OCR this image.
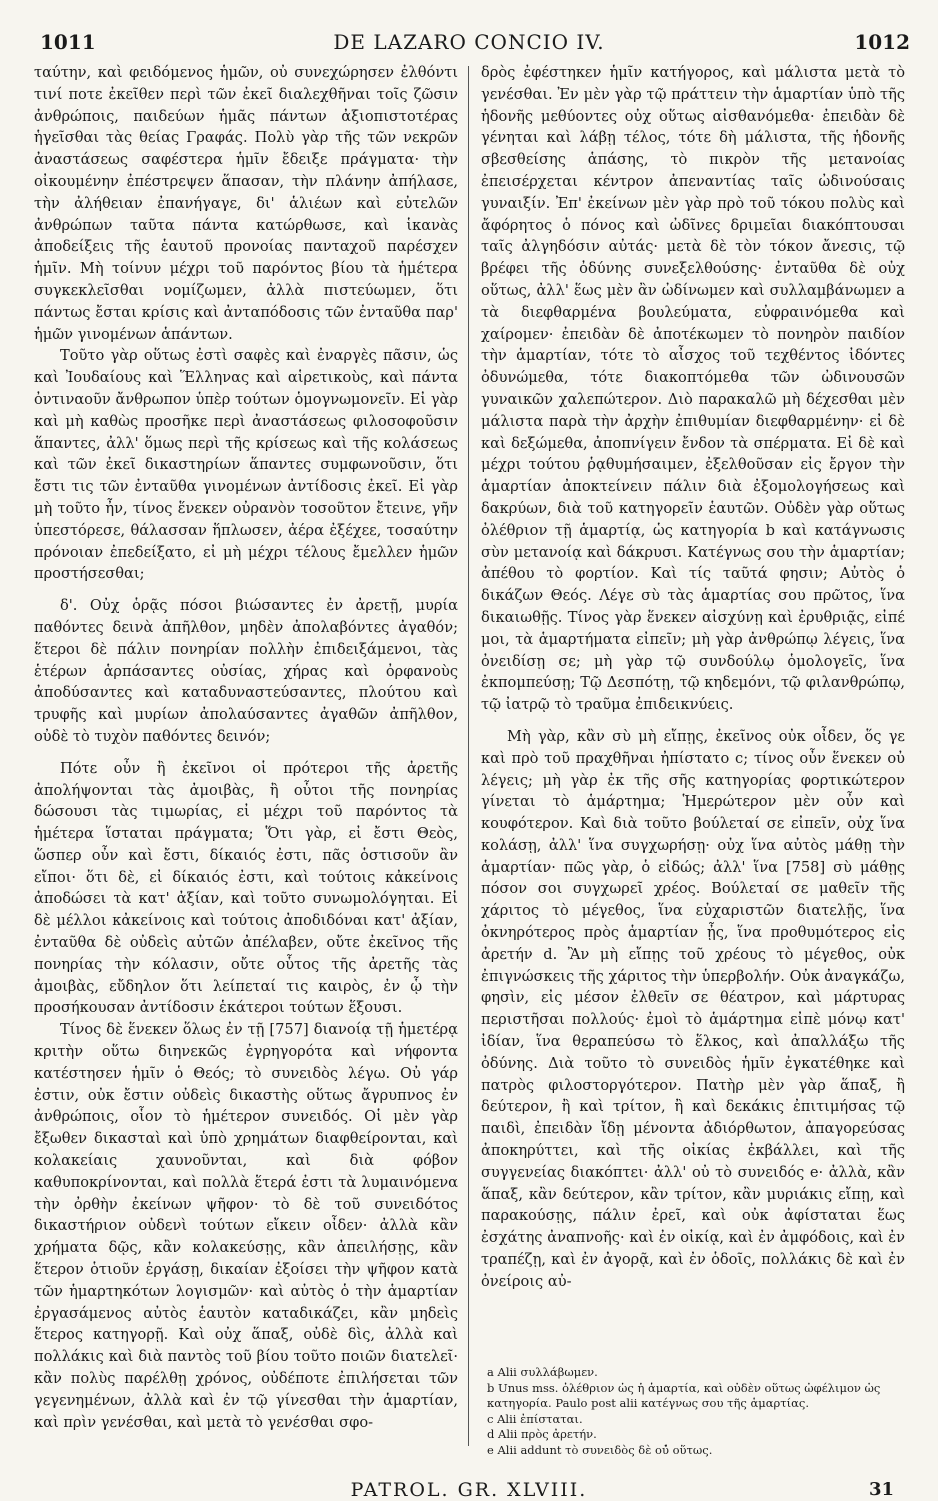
1011	DE LAZARO CONCIO IV.	1012

ταύτην, καὶ φειδόμενος ἡμῶν, οὐ συνεχώρησεν ἐλθόντι τινί ποτε ἐκεῖθεν περὶ τῶν ἐκεῖ διαλεχθῆναι τοῖς ζῶσιν ἀνθρώποις, παιδεύων ἡμᾶς πάντων ἀξιοπιστοτέρας ἡγεῖσθαι τὰς θείας Γραφάς. Πολὺ γὰρ τῆς τῶν νεκρῶν ἀναστάσεως σαφέστερα ἡμῖν ἔδειξε πράγματα· τὴν οἰκουμένην ἐπέστρεψεν ἅπασαν, τὴν πλάνην ἀπήλασε, τὴν ἀλήθειαν ἐπανήγαγε, δι' ἁλιέων καὶ εὐτελῶν ἀνθρώπων ταῦτα πάντα κατώρθωσε, καὶ ἱκανὰς ἀποδείξεις τῆς ἑαυτοῦ προνοίας πανταχοῦ παρέσχεν ἡμῖν. Μὴ τοίνυν μέχρι τοῦ παρόντος βίου τὰ ἡμέτερα συγκεκλεῖσθαι νομίζωμεν, ἀλλὰ πιστεύωμεν, ὅτι πάντως ἔσται κρίσις καὶ ἀνταπόδοσις τῶν ἐνταῦθα παρ' ἡμῶν γινομένων ἁπάντων.

Τοῦτο γὰρ οὕτως ἐστὶ σαφὲς καὶ ἐναργὲς πᾶσιν, ὡς καὶ Ἰουδαίους καὶ Ἕλληνας καὶ αἱρετικοὺς, καὶ πάντα ὀντιναοῦν ἄνθρωπον ὑπὲρ τούτων ὁμογνωμονεῖν. Εἰ γὰρ καὶ μὴ καθὼς προσῆκε περὶ ἀναστάσεως φιλοσοφοῦσιν ἅπαντες, ἀλλ' ὅμως περὶ τῆς κρίσεως καὶ τῆς κολάσεως καὶ τῶν ἐκεῖ δικαστηρίων ἅπαντες συμφωνοῦσιν, ὅτι ἔστι τις τῶν ἐνταῦθα γινομένων ἀντίδοσις ἐκεῖ. Εἰ γὰρ μὴ τοῦτο ἦν, τίνος ἕνεκεν οὐρανὸν τοσοῦτον ἔτεινε, γῆν ὑπεστόρεσε, θάλασσαν ἥπλωσεν, ἀέρα ἐξέχεε, τοσαύτην πρόνοιαν ἐπεδείξατο, εἰ μὴ μέχρι τέλους ἔμελλεν ἡμῶν προστήσεσθαι;

δ'. Οὐχ ὁρᾷς πόσοι βιώσαντες ἐν ἀρετῇ, μυρία παθόντες δεινὰ ἀπῆλθον, μηδὲν ἀπολαβόντες ἀγαθόν; ἕτεροι δὲ πάλιν πονηρίαν πολλὴν ἐπιδειξάμενοι, τὰς ἑτέρων ἁρπάσαντες οὐσίας, χήρας καὶ ὀρφανοὺς ἀποδύσαντες καὶ καταδυναστεύσαντες, πλούτου καὶ τρυφῆς καὶ μυρίων ἀπολαύσαντες ἀγαθῶν ἀπῆλθον, οὐδὲ τὸ τυχὸν παθόντες δεινόν;

Πότε οὖν ἢ ἐκεῖνοι οἱ πρότεροι τῆς ἀρετῆς ἀπολήψονται τὰς ἀμοιβὰς, ἢ οὗτοι τῆς πονηρίας δώσουσι τὰς τιμωρίας, εἰ μέχρι τοῦ παρόντος τὰ ἡμέτερα ἵσταται πράγματα; Ὅτι γὰρ, εἰ ἔστι Θεὸς, ὥσπερ οὖν καὶ ἔστι, δίκαιός ἐστι, πᾶς ὁστισοῦν ἂν εἴποι· ὅτι δὲ, εἰ δίκαιός ἐστι, καὶ τούτοις κἀκείνοις ἀποδώσει τὰ κατ' ἀξίαν, καὶ τοῦτο συνωμολόγηται. Εἰ δὲ μέλλοι κἀκείνοις καὶ τούτοις ἀποδιδόναι κατ' ἀξίαν, ἐνταῦθα δὲ οὐδεὶς αὐτῶν ἀπέλαβεν, οὔτε ἐκεῖνος τῆς πονηρίας τὴν κόλασιν, οὔτε οὗτος τῆς ἀρετῆς τὰς ἀμοιβὰς, εὔδηλον ὅτι λείπεταί τις καιρὸς, ἐν ᾧ τὴν προσήκουσαν ἀντίδοσιν ἑκάτεροι τούτων ἕξουσι.

Τίνος δὲ ἕνεκεν ὅλως ἐν τῇ [757] διανοίᾳ τῇ ἡμετέρᾳ κριτὴν οὕτω διηνεκῶς ἐγρηγορότα καὶ νήφοντα κατέστησεν ἡμῖν ὁ Θεός; τὸ συνειδὸς λέγω. Οὐ γάρ ἐστιν, οὐκ ἔστιν οὐδεὶς δικαστὴς οὕτως ἄγρυπνος ἐν ἀνθρώποις, οἷον τὸ ἡμέτερον συνειδός. Οἱ μὲν γὰρ ἔξωθεν δικασταὶ καὶ ὑπὸ χρημάτων διαφθείρονται, καὶ κολακείαις χαυνοῦνται, καὶ διὰ φόβον καθυποκρίνονται, καὶ πολλὰ ἕτερά ἐστι τὰ λυμαινόμενα τὴν ὀρθὴν ἐκείνων ψῆφον· τὸ δὲ τοῦ συνειδότος δικαστήριον οὐδενὶ τούτων εἴκειν οἶδεν· ἀλλὰ κἂν χρήματα δῷς, κἂν κολακεύσῃς, κἂν ἀπειλήσῃς, κἂν ἕτερον ὁτιοῦν ἐργάσῃ, δικαίαν ἐξοίσει τὴν ψῆφον κατὰ τῶν ἡμαρτηκότων λογισμῶν· καὶ αὐτὸς ὁ τὴν ἁμαρτίαν ἐργασάμενος αὐτὸς ἑαυτὸν καταδικάζει, κἂν μηδεὶς ἕτερος κατηγορῇ. Καὶ οὐχ ἅπαξ, οὐδὲ δὶς, ἀλλὰ καὶ πολλάκις καὶ διὰ παντὸς τοῦ βίου τοῦτο ποιῶν διατελεῖ· κἂν πολὺς παρέλθῃ χρόνος, οὐδέποτε ἐπιλήσεται τῶν γεγενημένων, ἀλλὰ καὶ ἐν τῷ γίνεσθαι τὴν ἁμαρτίαν, καὶ πρὶν γενέσθαι, καὶ μετὰ τὸ γενέσθαι σφο-

δρὸς ἐφέστηκεν ἡμῖν κατήγορος, καὶ μάλιστα μετὰ τὸ γενέσθαι. Ἐν μὲν γὰρ τῷ πράττειν τὴν ἁμαρτίαν ὑπὸ τῆς ἡδονῆς μεθύοντες οὐχ οὕτως αἰσθανόμεθα· ἐπειδὰν δὲ γένηται καὶ λάβῃ τέλος, τότε δὴ μάλιστα, τῆς ἡδονῆς σβεσθείσης ἁπάσης, τὸ πικρὸν τῆς μετανοίας ἐπεισέρχεται κέντρον ἀπεναντίας ταῖς ὠδινούσαις γυναιξίν. Ἐπ' ἐκείνων μὲν γὰρ πρὸ τοῦ τόκου πολὺς καὶ ἄφόρητος ὁ πόνος καὶ ὠδῖνες δριμεῖαι διακόπτουσαι ταῖς ἀλγηδόσιν αὐτάς· μετὰ δὲ τὸν τόκον ἄνεσις, τῷ βρέφει τῆς ὀδύνης συνεξελθούσης· ἐνταῦθα δὲ οὐχ οὕτως, ἀλλ' ἕως μὲν ἂν ὠδίνωμεν καὶ συλλαμβάνωμεν a τὰ διεφθαρμένα βουλεύματα, εὐφραινόμεθα καὶ χαίρομεν· ἐπειδὰν δὲ ἀποτέκωμεν τὸ πονηρὸν παιδίον τὴν ἁμαρτίαν, τότε τὸ αἶσχος τοῦ τεχθέντος ἰδόντες ὀδυνώμεθα, τότε διακοπτόμεθα τῶν ὠδινουσῶν γυναικῶν χαλεπώτερον. Διὸ παρακαλῶ μὴ δέχεσθαι μὲν μάλιστα παρὰ τὴν ἀρχὴν ἐπιθυμίαν διεφθαρμένην· εἰ δὲ καὶ δεξώμεθα, ἀποπνίγειν ἔνδον τὰ σπέρματα. Εἰ δὲ καὶ μέχρι τούτου ῥᾳθυμήσαιμεν, ἐξελθοῦσαν εἰς ἔργον τὴν ἁμαρτίαν ἀποκτείνειν πάλιν διὰ ἐξομολογήσεως καὶ δακρύων, διὰ τοῦ κατηγορεῖν ἑαυτῶν. Οὐδὲν γὰρ οὕτως ὀλέθριον τῇ ἁμαρτίᾳ, ὡς κατηγορία b καὶ κατάγνωσις σὺν μετανοίᾳ καὶ δάκρυσι. Κατέγνως σου τὴν ἁμαρτίαν; ἀπέθου τὸ φορτίον. Καὶ τίς ταῦτά φησιν; Αὐτὸς ὁ δικάζων Θεός. Λέγε σὺ τὰς ἁμαρτίας σου πρῶτος, ἵνα δικαιωθῇς. Τίνος γὰρ ἕνεκεν αἰσχύνῃ καὶ ἐρυθριᾷς, εἰπέ μοι, τὰ ἁμαρτήματα εἰπεῖν; μὴ γὰρ ἀνθρώπῳ λέγεις, ἵνα ὀνειδίσῃ σε; μὴ γὰρ τῷ συνδούλῳ ὁμολογεῖς, ἵνα ἐκπομπεύσῃ; Τῷ Δεσπότῃ, τῷ κηδεμόνι, τῷ φιλανθρώπῳ, τῷ ἰατρῷ τὸ τραῦμα ἐπιδεικνύεις.

Μὴ γὰρ, κἂν σὺ μὴ εἴπῃς, ἐκεῖνος οὐκ οἶδεν, ὅς γε καὶ πρὸ τοῦ πραχθῆναι ἠπίστατο c; τίνος οὖν ἕνεκεν οὐ λέγεις; μὴ γὰρ ἐκ τῆς σῆς κατηγορίας φορτικώτερον γίνεται τὸ ἁμάρτημα; Ἡμερώτερον μὲν οὖν καὶ κουφότερον. Καὶ διὰ τοῦτο βούλεταί σε εἰπεῖν, οὐχ ἵνα κολάσῃ, ἀλλ' ἵνα συγχωρήσῃ· οὐχ ἵνα αὐτὸς μάθῃ τὴν ἁμαρτίαν· πῶς γὰρ, ὁ εἰδώς; ἀλλ' ἵνα [758] σὺ μάθῃς πόσον σοι συγχωρεῖ χρέος. Βούλεταί σε μαθεῖν τῆς χάριτος τὸ μέγεθος, ἵνα εὐχαριστῶν διατελῇς, ἵνα ὀκνηρότερος πρὸς ἁμαρτίαν ᾖς, ἵνα προθυμότερος εἰς ἀρετήν d. Ἂν μὴ εἴπῃς τοῦ χρέους τὸ μέγεθος, οὐκ ἐπιγνώσκεις τῆς χάριτος τὴν ὑπερβολήν. Οὐκ ἀναγκάζω, φησὶν, εἰς μέσον ἐλθεῖν σε θέατρον, καὶ μάρτυρας περιστῆσαι πολλούς· ἐμοὶ τὸ ἁμάρτημα εἰπὲ μόνῳ κατ' ἰδίαν, ἵνα θεραπεύσω τὸ ἕλκος, καὶ ἀπαλλάξω τῆς ὀδύνης. Διὰ τοῦτο τὸ συνειδὸς ἡμῖν ἐγκατέθηκε καὶ πατρὸς φιλοστοργότερον. Πατὴρ μὲν γὰρ ἅπαξ, ἢ δεύτερον, ἢ καὶ τρίτον, ἢ καὶ δεκάκις ἐπιτιμήσας τῷ παιδὶ, ἐπειδὰν ἴδῃ μένοντα ἀδιόρθωτον, ἀπαγορεύσας ἀποκηρύττει, καὶ τῆς οἰκίας ἐκβάλλει, καὶ τῆς συγγενείας διακόπτει· ἀλλ' οὐ τὸ συνειδός e· ἀλλὰ, κἂν ἅπαξ, κἂν δεύτερον, κἂν τρίτον, κἂν μυριάκις εἴπῃ, καὶ παρακούσῃς, πάλιν ἐρεῖ, καὶ οὐκ ἀφίσταται ἕως ἐσχάτης ἀναπνοῆς· καὶ ἐν οἰκίᾳ, καὶ ἐν ἀμφόδοις, καὶ ἐν τραπέζῃ, καὶ ἐν ἀγορᾷ, καὶ ἐν ὁδοῖς, πολλάκις δὲ καὶ ἐν ὀνείροις αὐ-

a Alii συλλάβωμεν.
b Unus mss. ὀλέθριον ὡς ἡ ἁμαρτία, καὶ οὐδὲν οὕτως ὠφέλιμον ὡς κατηγορία. Paulo post alii κατέγνως σου τῆς ἁμαρτίας.
c Alii ἐπίσταται.
d Alii πρὸς ἀρετήν.
e Alii addunt τὸ συνειδὸς δὲ οὐ̓ οὕτως.
PATROL. GR. XLVIII.	31
